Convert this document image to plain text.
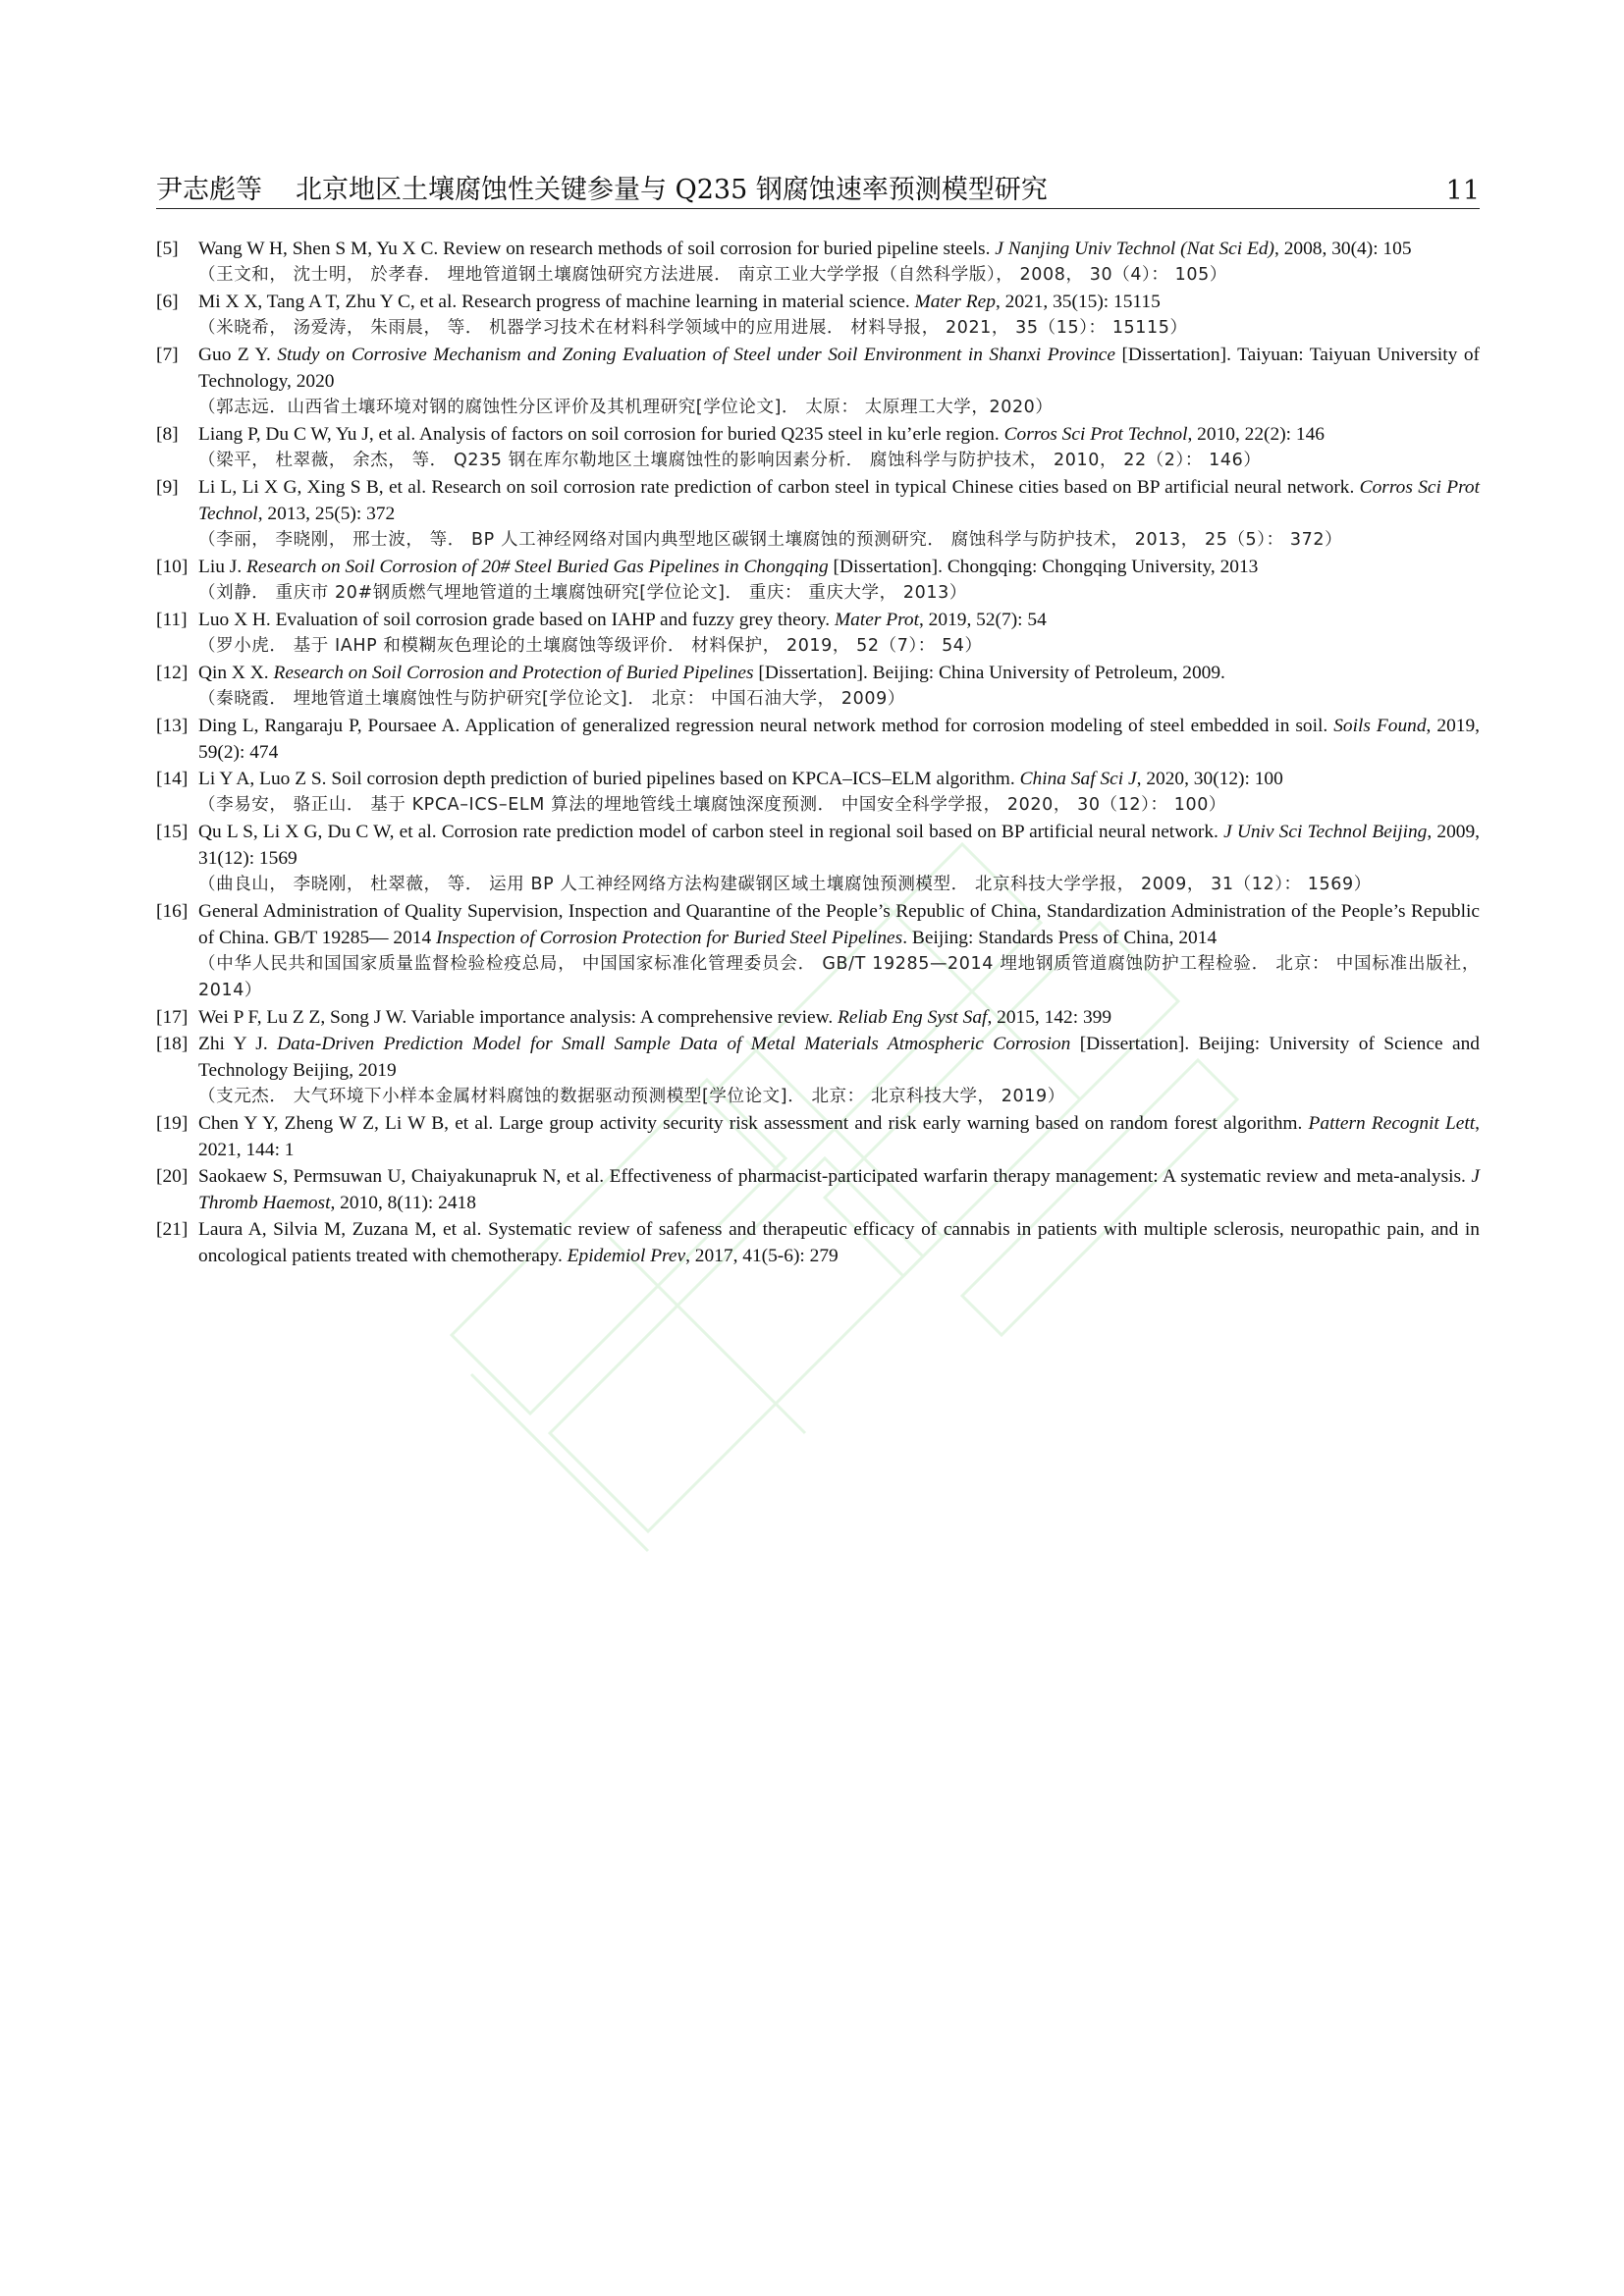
尹志彪等 北京地区土壤腐蚀性关键参量与 Q235 钢腐蚀速率预测模型研究	11
[5]	Wang W H, Shen S M, Yu X C. Review on research methods of soil corrosion for buried pipeline steels. J Nanjing Univ Technol (Nat Sci Ed), 2008, 30(4): 105
（王文和， 沈士明， 於孝春． 埋地管道钢土壤腐蚀研究方法进展． 南京工业大学学报（自然科学版）， 2008， 30（4）： 105）
[6]	Mi X X, Tang A T, Zhu Y C, et al. Research progress of machine learning in material science. Mater Rep, 2021, 35(15): 15115
（米晓希， 汤爱涛， 朱雨晨， 等． 机器学习技术在材料科学领域中的应用进展． 材料导报， 2021， 35（15）： 15115）
[7]	Guo Z Y. Study on Corrosive Mechanism and Zoning Evaluation of Steel under Soil Environment in Shanxi Province [Dissertation]. Taiyuan: Taiyuan University of Technology, 2020
（郭志远．山西省土壤环境对钢的腐蚀性分区评价及其机理研究[学位论文]． 太原： 太原理工大学，2020）
[8]	Liang P, Du C W, Yu J, et al. Analysis of factors on soil corrosion for buried Q235 steel in ku’erle region. Corros Sci Prot Technol, 2010, 22(2): 146
（梁平， 杜翠薇， 余杰， 等． Q235 钢在库尔勒地区土壤腐蚀性的影响因素分析． 腐蚀科学与防护技术， 2010， 22（2）： 146）
[9]	Li L, Li X G, Xing S B, et al. Research on soil corrosion rate prediction of carbon steel in typical Chinese cities based on BP artificial neural network. Corros Sci Prot Technol, 2013, 25(5): 372
（李丽， 李晓刚， 邢士波， 等． BP 人工神经网络对国内典型地区碳钢土壤腐蚀的预测研究． 腐蚀科学与防护技术， 2013， 25（5）： 372）
[10] Liu J. Research on Soil Corrosion of 20# Steel Buried Gas Pipelines in Chongqing [Dissertation]. Chongqing: Chongqing University, 2013
（刘静． 重庆市 20#钢质燃气埋地管道的土壤腐蚀研究[学位论文]． 重庆： 重庆大学， 2013）
[11] Luo X H. Evaluation of soil corrosion grade based on IAHP and fuzzy grey theory. Mater Prot, 2019, 52(7): 54
（罗小虎． 基于 IAHP 和模糊灰色理论的土壤腐蚀等级评价． 材料保护， 2019， 52（7）： 54）
[12] Qin X X. Research on Soil Corrosion and Protection of Buried Pipelines [Dissertation]. Beijing: China University of Petroleum, 2009.
（秦晓霞． 埋地管道土壤腐蚀性与防护研究[学位论文]． 北京： 中国石油大学， 2009）
[13] Ding L, Rangaraju P, Poursaee A. Application of generalized regression neural network method for corrosion modeling of steel embedded in soil. Soils Found, 2019, 59(2): 474
[14] Li Y A, Luo Z S. Soil corrosion depth prediction of buried pipelines based on KPCA–ICS–ELM algorithm. China Saf Sci J, 2020, 30(12): 100
（李易安， 骆正山． 基于 KPCA–ICS–ELM 算法的埋地管线土壤腐蚀深度预测． 中国安全科学学报， 2020， 30（12）： 100）
[15] Qu L S, Li X G, Du C W, et al. Corrosion rate prediction model of carbon steel in regional soil based on BP artificial neural network. J Univ Sci Technol Beijing, 2009, 31(12): 1569
（曲良山， 李晓刚， 杜翠薇， 等． 运用 BP 人工神经网络方法构建碳钢区域土壤腐蚀预测模型． 北京科技大学学报， 2009， 31（12）： 1569）
[16] General Administration of Quality Supervision, Inspection and Quarantine of the People’s Republic of China, Standardization Administration of the People’s Republic of China. GB/T 19285— 2014 Inspection of Corrosion Protection for Buried Steel Pipelines. Beijing: Standards Press of China, 2014
（中华人民共和国国家质量监督检验检疫总局， 中国国家标准化管理委员会． GB/T 19285—2014 埋地钢质管道腐蚀防护工程检验． 北京： 中国标准出版社， 2014）
[17] Wei P F, Lu Z Z, Song J W. Variable importance analysis: A comprehensive review. Reliab Eng Syst Saf, 2015, 142: 399
[18] Zhi Y J. Data-Driven Prediction Model for Small Sample Data of Metal Materials Atmospheric Corrosion [Dissertation]. Beijing: University of Science and Technology Beijing, 2019
（支元杰． 大气环境下小样本金属材料腐蚀的数据驱动预测模型[学位论文]． 北京： 北京科技大学， 2019）
[19] Chen Y Y, Zheng W Z, Li W B, et al. Large group activity security risk assessment and risk early warning based on random forest algorithm. Pattern Recognit Lett, 2021, 144: 1
[20] Saokaew S, Permsuwan U, Chaiyakunapruk N, et al. Effectiveness of pharmacist-participated warfarin therapy management: A systematic review and meta-analysis. J Thromb Haemost, 2010, 8(11): 2418
[21] Laura A, Silvia M, Zuzana M, et al. Systematic review of safeness and therapeutic efficacy of cannabis in patients with multiple sclerosis, neuropathic pain, and in oncological patients treated with chemotherapy. Epidemiol Prev, 2017, 41(5-6): 279
